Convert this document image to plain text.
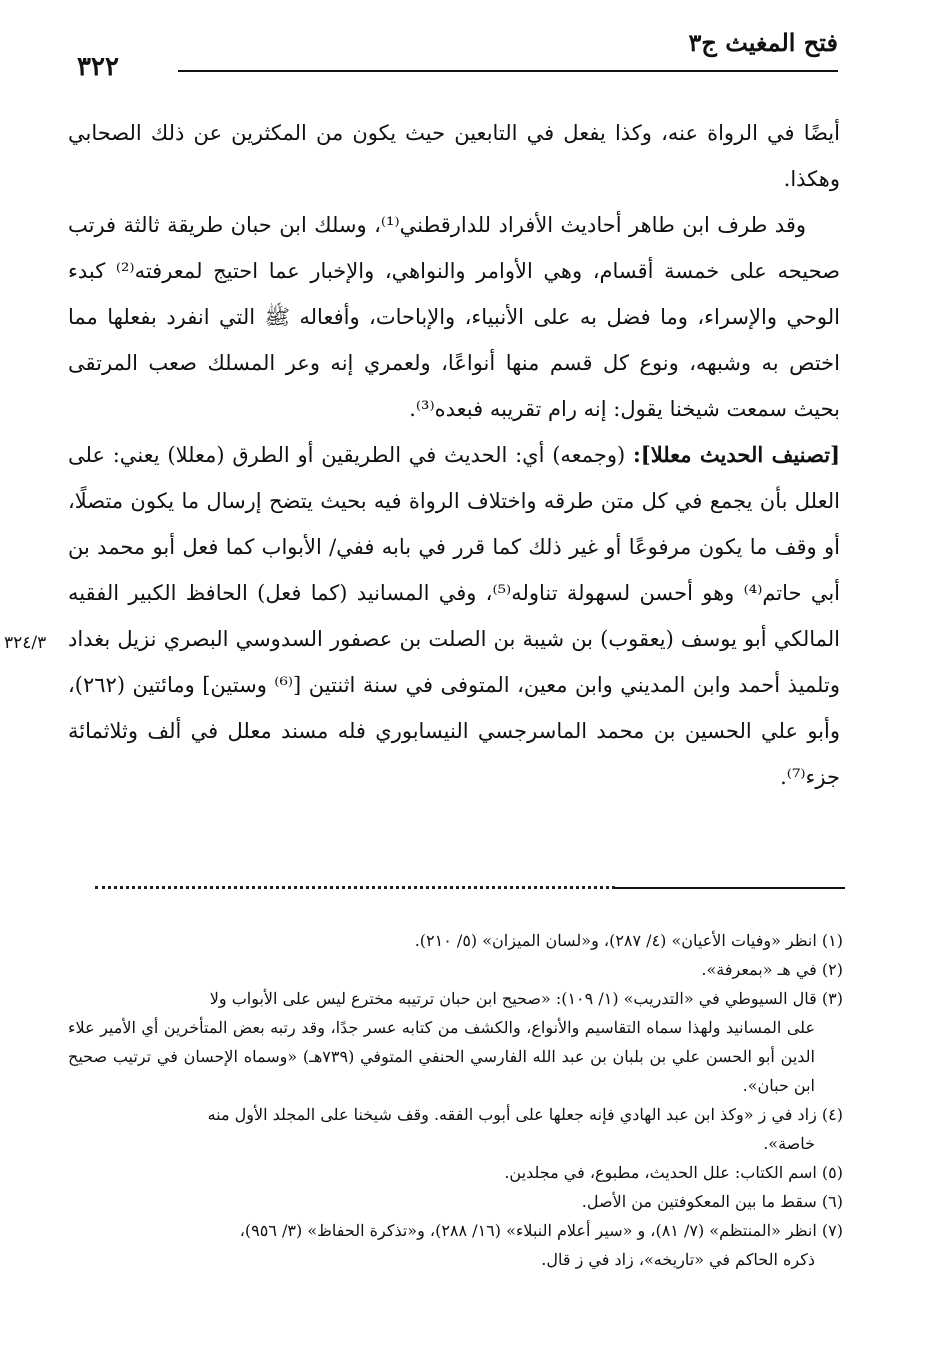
فتح المغيث ج٣
٣٢٢

أيضًا في الرواة عنه، وكذا يفعل في التابعين حيث يكون من المكثرين عن ذلك الصحابي وهكذا.

وقد طرف ابن طاهر أحاديث الأفراد للدارقطني⁽¹⁾، وسلك ابن حبان طريقة ثالثة فرتب صحيحه على خمسة أقسام، وهي الأوامر والنواهي، والإخبار عما احتيج لمعرفته⁽²⁾ كبدء الوحي والإسراء، وما فضل به على الأنبياء، والإباحات، وأفعاله ﷺ التي انفرد بفعلها مما اختص به وشبهه، ونوع كل قسم منها أنواعًا، ولعمري إنه وعر المسلك صعب المرتقى بحيث سمعت شيخنا يقول: إنه رام تقريبه فبعده⁽³⁾.

[تصنيف الحديث معللا]: (وجمعه) أي: الحديث في الطريقين أو الطرق (معللا) يعني: على العلل بأن يجمع في كل متن طرقه واختلاف الرواة فيه بحيث يتضح إرسال ما يكون متصلًا، أو وقف ما يكون مرفوعًا أو غير ذلك كما قرر في بابه ففي/ الأبواب كما فعل أبو محمد بن أبي حاتم⁽⁴⁾ وهو أحسن لسهولة تناوله⁽⁵⁾، وفي المسانيد (كما فعل) الحافظ الكبير الفقيه المالكي أبو يوسف (يعقوب) بن شيبة بن الصلت بن عصفور السدوسي البصري نزيل بغداد وتلميذ أحمد وابن المديني وابن معين، المتوفى في سنة اثنتين [⁽⁶⁾ وستين] ومائتين (٢٦٢)، وأبو علي الحسين بن محمد الماسرجسي النيسابوري فله مسند معلل في ألف وثلاثمائة جزء⁽⁷⁾.

٣٢٤/٣

(١) انظر «وفيات الأعيان» (٤/ ٢٨٧)، و«لسان الميزان» (٥/ ٢١٠).

(٢) في هـ «بمعرفة».

(٣) قال السيوطي في «التدريب» (١/ ١٠٩): «صحيح ابن حبان ترتيبه مخترع ليس على الأبواب ولا
على المسانيد ولهذا سماه التقاسيم والأنواع، والكشف من كتابه عسر جدًا، وقد رتبه بعض المتأخرين أي الأمير علاء الدين أبو الحسن علي بن بلبان بن عبد الله الفارسي الحنفي المتوفي (٧٣٩هـ) «وسماه الإحسان في ترتيب صحيح ابن حبان».

(٤) زاد في ز «وكذ ابن عبد الهادي فإنه جعلها على أبوب الفقه. وقف شيخنا على المجلد الأول منه
خاصة».

(٥) اسم الكتاب: علل الحديث، مطبوع، في مجلدين.

(٦) سقط ما بين المعكوفتين من الأصل.

(٧) انظر «المنتظم» (٧/ ٨١)، و «سير أعلام النبلاء» (١٦/ ٢٨٨)، و«تذكرة الحفاظ» (٣/ ٩٥٦)،
ذكره الحاكم في «تاريخه»، زاد في ز قال.
